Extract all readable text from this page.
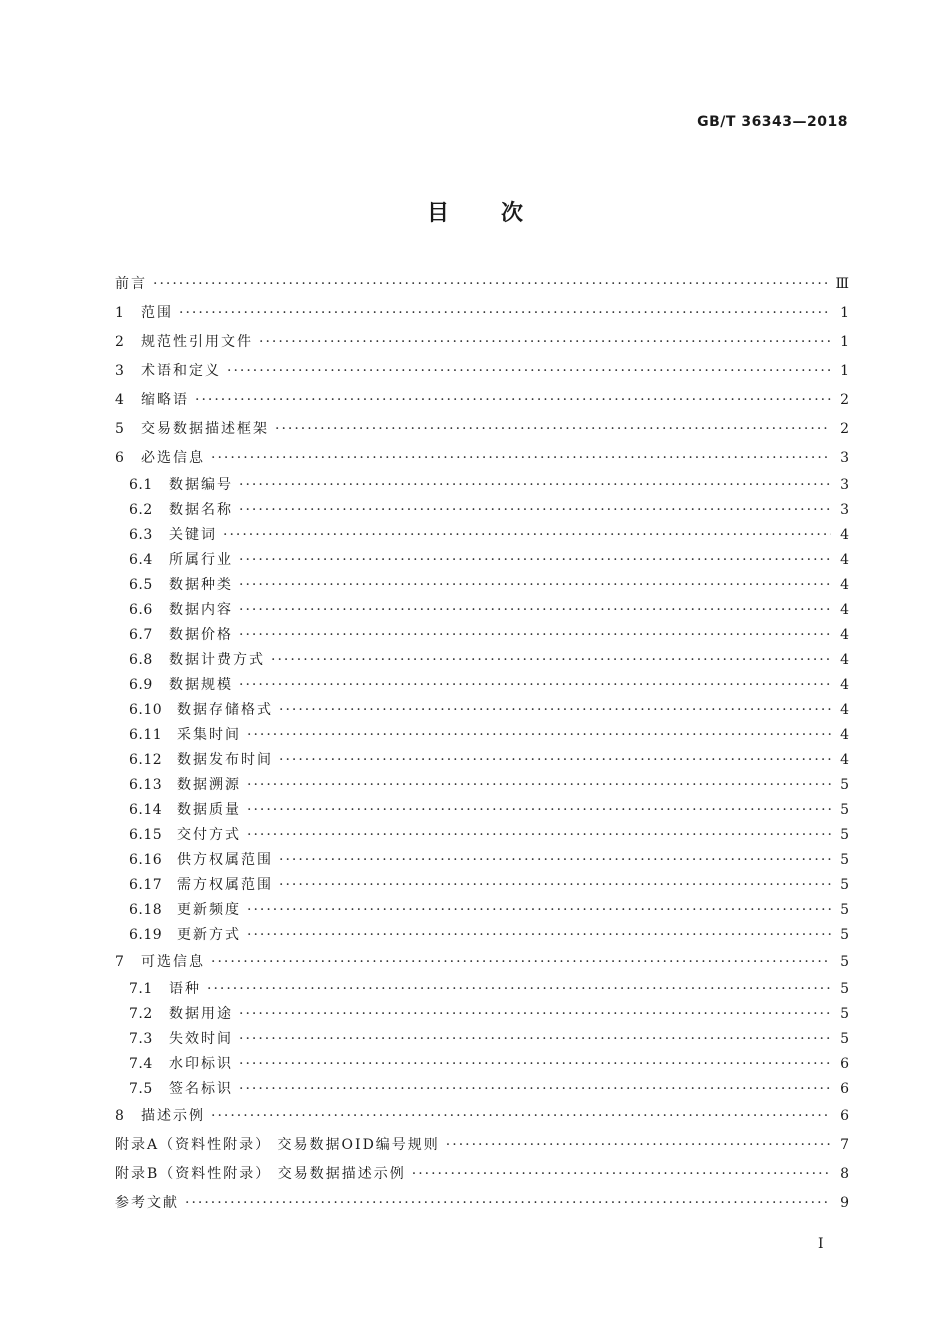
GB/T 36343—2018
目次
前言 ·····	Ⅲ
1	范围 ·····	1
2	规范性引用文件 ·····	1
3	术语和定义 ·····	1
4	缩略语 ·····	2
5	交易数据描述框架 ·····	2
6	必选信息 ·····	3
6.1	数据编号 ·····	3
6.2	数据名称 ·····	3
6.3	关键词 ·····	4
6.4	所属行业 ·····	4
6.5	数据种类 ·····	4
6.6	数据内容 ·····	4
6.7	数据价格 ·····	4
6.8	数据计费方式 ·····	4
6.9	数据规模 ·····	4
6.10	数据存储格式 ·····	4
6.11	采集时间 ·····	4
6.12	数据发布时间 ·····	4
6.13	数据溯源 ·····	5
6.14	数据质量 ·····	5
6.15	交付方式 ·····	5
6.16	供方权属范围 ·····	5
6.17	需方权属范围 ·····	5
6.18	更新频度 ·····	5
6.19	更新方式 ·····	5
7	可选信息 ·····	5
7.1	语种 ·····	5
7.2	数据用途 ·····	5
7.3	失效时间 ·····	5
7.4	水印标识 ·····	6
7.5	签名标识 ·····	6
8	描述示例 ·····	6
附录A（资料性附录） 交易数据OID编号规则 ·····	7
附录B（资料性附录） 交易数据描述示例 ·····	8
参考文献 ·····	9
I
